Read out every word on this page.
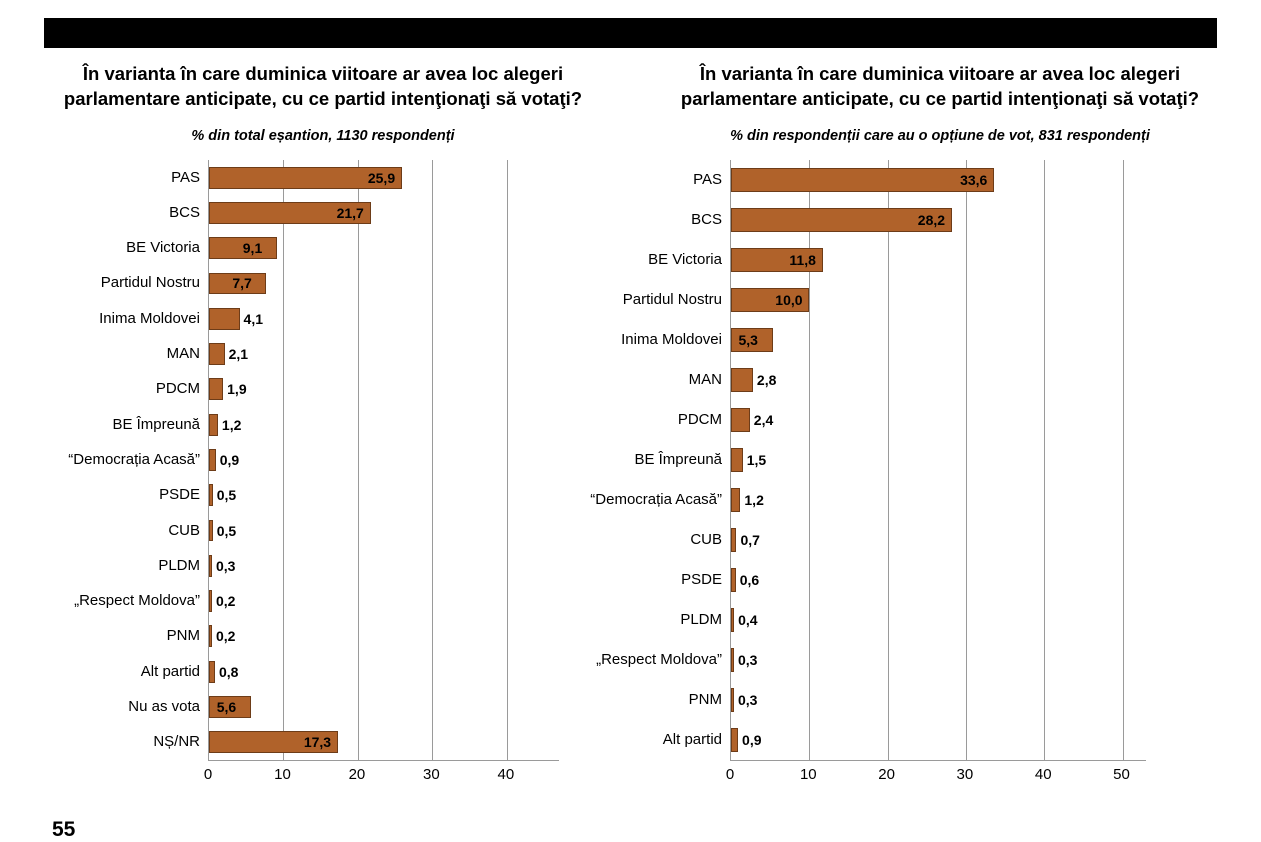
În varianta în care duminica viitoare ar avea loc alegeri parlamentare anticipate, cu ce partid intenţionaţi să votaţi?
% din total eșantion, 1130 respondenți
PAS
BCS
BE Victoria
Partidul Nostru
Inima Moldovei
MAN
PDCM
BE Împreună
“Democrația Acasă”
PSDE
CUB
PLDM
„Respect Moldova”
PNM
Alt partid
Nu as vota
NȘ/NR
25,9
21,7
9,1
7,7
4,1
2,1
1,9
1,2
0,9
0,5
0,5
0,3
0,2
0,2
0,8
5,6
17,3
0	10	20	30	40
În varianta în care duminica viitoare ar avea loc alegeri parlamentare anticipate, cu ce partid intenţionaţi să votaţi?
% din respondenții care au o opțiune de vot, 831 respondenți
PAS
BCS
BE Victoria
Partidul Nostru
Inima Moldovei
MAN
PDCM
BE Împreună
“Democrația Acasă”
CUB
PSDE
PLDM
„Respect Moldova”
PNM
Alt partid
33,6
28,2
11,8
10,0
5,3
2,8
2,4
1,5
1,2
0,7
0,6
0,4
0,3
0,3
0,9
0	10	20	30	40	50
55
